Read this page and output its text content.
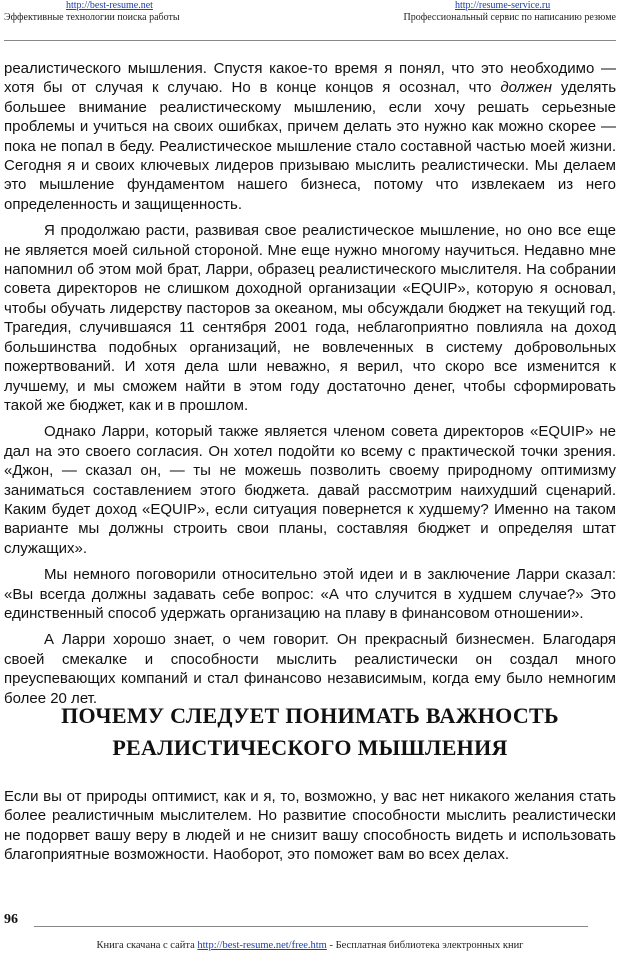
http://best-resume.net	http://resume-service.ru
Эффективные технологии поиска работы	Профессиональный сервис по написанию резюме

реалистического мышления. Спустя какое-то время я понял, что это необходимо — хотя бы от случая к случаю. Но в конце концов я осознал, что должен уделять большее внимание реалистическому мышлению, если хочу решать серьезные проблемы и учиться на своих ошибках, причем делать это нужно как можно скорее — пока не попал в беду. Реалистическое мышление стало составной частью моей жизни. Сегодня я и своих ключевых лидеров призываю мыслить реалистически. Мы делаем это мышление фундаментом нашего бизнеса, потому что извлекаем из него определенность и защищенность.

Я продолжаю расти, развивая свое реалистическое мышление, но оно все еще не является моей сильной стороной. Мне еще нужно многому научиться. Недавно мне напомнил об этом мой брат, Ларри, образец реалистического мыслителя. На собрании совета директоров не слишком доходной организации «EQUIP», которую я основал, чтобы обучать лидерству пасторов за океаном, мы обсуждали бюджет на текущий год. Трагедия, случившаяся 11 сентября 2001 года, неблагоприятно повлияла на доход большинства подобных организаций, не вовлеченных в систему добровольных пожертвований. И хотя дела шли неважно, я верил, что скоро все изменится к лучшему, и мы сможем найти в этом году достаточно денег, чтобы сформировать такой же бюджет, как и в прошлом.

Однако Ларри, который также является членом совета директоров «EQUIP» не дал на это своего согласия. Он хотел подойти ко всему с практической точки зрения. «Джон, — сказал он, — ты не можешь позволить своему природному оптимизму заниматься составлением этого бюджета. давай рассмотрим наихудший сценарий. Каким будет доход «EQUIP», если ситуация повернется к худшему? Именно на таком варианте мы должны строить свои планы, составляя бюджет и определяя штат служащих».

Мы немного поговорили относительно этой идеи и в заключение Ларри сказал: «Вы всегда должны задавать себе вопрос: «А что случится в худшем случае?» Это единственный способ удержать организацию на плаву в финансовом отношении».

А Ларри хорошо знает, о чем говорит. Он прекрасный бизнесмен. Благодаря своей смекалке и способности мыслить реалистически он создал много преуспевающих компаний и стал финансово независимым, когда ему было немногим более 20 лет.

ПОЧЕМУ СЛЕДУЕТ ПОНИМАТЬ ВАЖНОСТЬ
РЕАЛИСТИЧЕСКОГО МЫШЛЕНИЯ

Если вы от природы оптимист, как и я, то, возможно, у вас нет никакого желания стать более реалистичным мыслителем. Но развитие способности мыслить реалистически не подорвет вашу веру в людей и не снизит вашу способность видеть и использовать благоприятные возможности. Наоборот, это поможет вам во всех делах.

96
Книга скачана с сайта http://best-resume.net/free.htm - Бесплатная библиотека электронных книг
